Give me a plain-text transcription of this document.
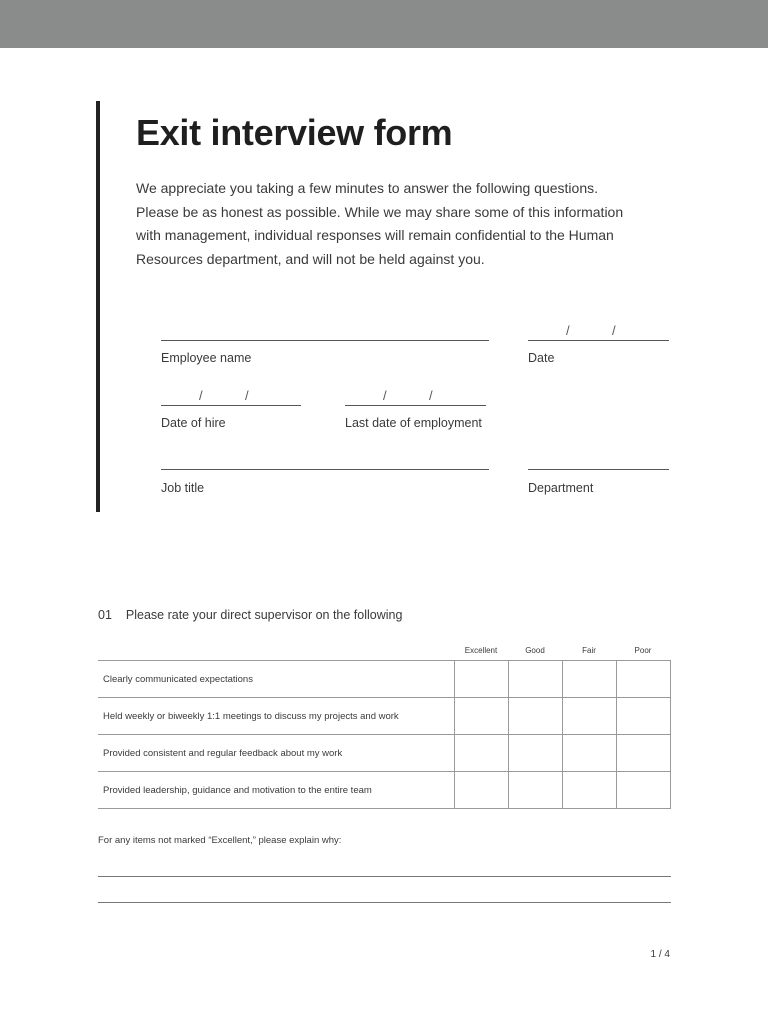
Exit interview form
We appreciate you taking a few minutes to answer the following questions. Please be as honest as possible. While we may share some of this information with management, individual responses will remain confidential to the Human Resources department, and will not be held against you.
Employee name
/	/
Date
/	/
Date of hire
/	/
Last date of employment
Job title	Department
01 Please rate your direct supervisor on the following
Excellent	Good	Fair	Poor
Clearly communicated expectations				
Held weekly or biweekly 1:1 meetings to discuss my projects and work				
Provided consistent and regular feedback about my work				
Provided leadership, guidance and motivation to the entire team				
For any items not marked “Excellent,” please explain why:
1 / 4
